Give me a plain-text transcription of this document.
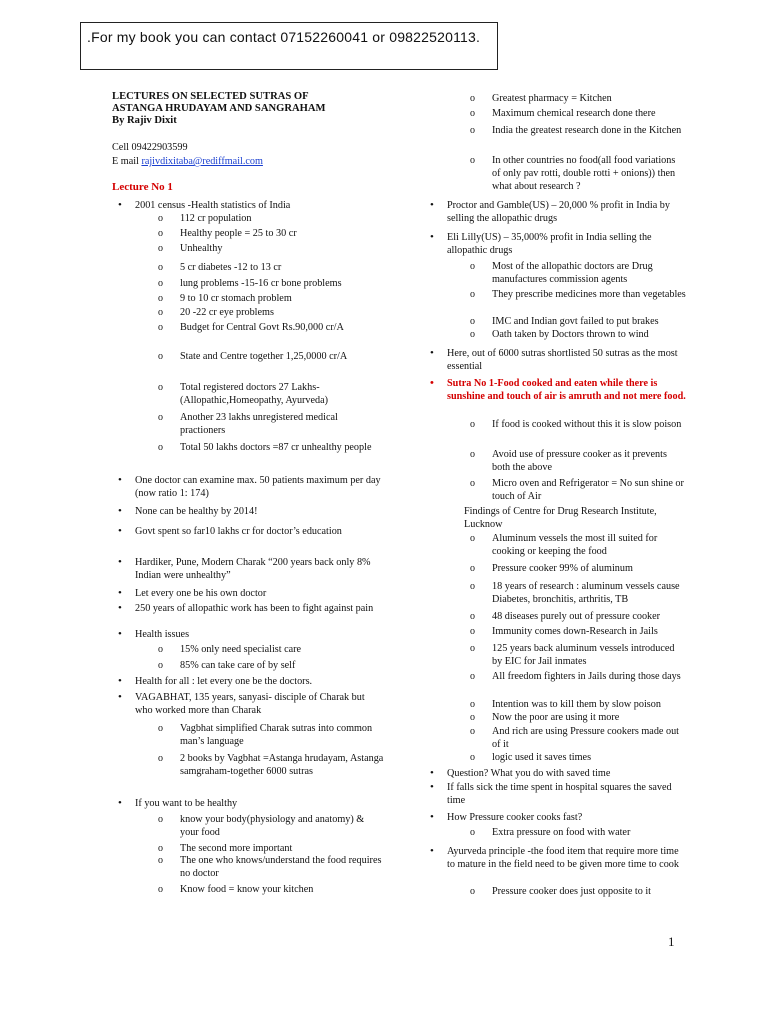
.For my book you can contact 07152260041 or 09822520113.
LECTURES ON SELECTED SUTRAS OF
ASTANGA HRUDAYAM AND SANGRAHAM
By Rajiv Dixit
Cell 09422903599
E mail rajivdixitaba@rediffmail.com
Lecture No 1
• 2001 census -Health statistics of India
o 112 cr population
o Healthy people = 25 to 30 cr
o Unhealthy
o 5 cr diabetes -12 to 13 cr
o lung problems -15-16 cr bone problems
o 9 to 10 cr stomach problem
o 20 -22 cr eye problems
o Budget for Central Govt Rs.90,000 cr/A
o State and Centre together 1,25,0000 cr/A
o Total registered doctors 27 Lakhs- (Allopathic,Homeopathy, Ayurveda)
o Another 23 lakhs unregistered medical practioners
o Total 50 lakhs doctors =87 cr unhealthy people
• One doctor can examine max. 50 patients maximum per day (now ratio 1: 174)
• None can be healthy by 2014!
• Govt spent so far10 lakhs cr for doctor’s education
• Hardiker, Pune, Modern Charak “200 years back only 8% Indian were unhealthy”
• Let every one be his own doctor
• 250 years of allopathic work has been to fight against pain
• Health issues
o 15% only need specialist care
o 85% can take care of by self
• Health for all : let every one be the doctors.
• VAGABHAT, 135 years, sanyasi- disciple of Charak but who worked more than Charak
o Vagbhat simplified Charak sutras into common man’s language
o 2 books by Vagbhat =Astanga hrudayam, Astanga samgraham-together 6000 sutras
• If you want to be healthy
o know your body(physiology and anatomy) & your food
o The second more important
o The one who knows/understand the food requires no doctor
o Know food = know your kitchen
o Greatest pharmacy = Kitchen
o Maximum chemical research done there
o India the greatest research done in the Kitchen
o In other countries no food(all food variations of only pav rotti, double rotti + onions)) then what about research ?
• Proctor and Gamble(US) – 20,000 % profit in India by selling the allopathic drugs
• Eli Lilly(US) – 35,000% profit in India selling the allopathic drugs
o Most of the allopathic doctors are Drug manufactures commission agents
o They prescribe medicines more than vegetables
o IMC and Indian govt failed to put brakes
o Oath taken by Doctors thrown to wind
• Here, out of 6000 sutras shortlisted 50 sutras as the most essential
• Sutra No 1-Food cooked and eaten while there is sunshine and touch of air is amruth and not mere food.
o If food is cooked without this it is slow poison
o Avoid use of pressure cooker as it prevents both the above
o Micro oven and Refrigerator = No sun shine or touch of Air
Findings of Centre for Drug Research Institute, Lucknow
o Aluminum vessels the most ill suited for cooking or keeping the food
o Pressure cooker 99% of aluminum
o 18 years of research : aluminum vessels cause Diabetes, bronchitis, arthritis, TB
o 48 diseases purely out of pressure cooker
o Immunity comes down-Research in Jails
o 125 years back aluminum vessels introduced by EIC for Jail inmates
o All freedom fighters in Jails during those days
o Intention was to kill them by slow poison
o Now the poor are using it more
o And rich are using Pressure cookers made out of it
o logic used it saves times
• Question? What you do with saved time
• If falls sick the time spent in hospital squares the saved time
• How Pressure cooker cooks fast?
o Extra pressure on food with water
• Ayurveda principle -the food item that require more time to mature in the field need to be given more time to cook
o Pressure cooker does just opposite to it
1
